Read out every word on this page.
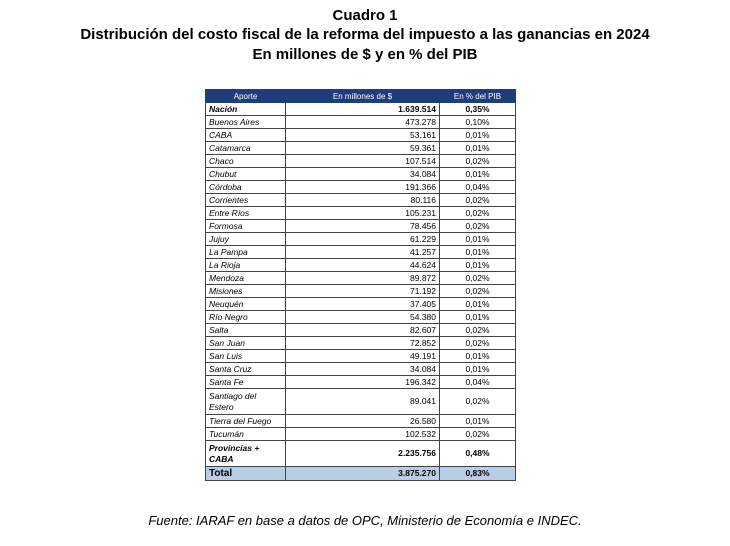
Cuadro 1
Distribución del costo fiscal de la reforma del impuesto a las ganancias en 2024
En millones de $ y en % del PIB
Aporte	En millones de $	En % del PIB
Nación	1.639.514	0,35%
Buenos Aires	473.278	0,10%
CABA	53.161	0,01%
Catamarca	59.361	0,01%
Chaco	107.514	0,02%
Chubut	34.084	0,01%
Córdoba	191.366	0,04%
Corrientes	80.116	0,02%
Entre Ríos	105.231	0,02%
Formosa	78.456	0,02%
Jujuy	61.229	0,01%
La Pampa	41.257	0,01%
La Rioja	44.624	0,01%
Mendoza	89.872	0,02%
Misiones	71.192	0,02%
Neuquén	37.405	0,01%
Río Negro	54.380	0,01%
Salta	82.607	0,02%
San Juan	72.852	0,02%
San Luis	49.191	0,01%
Santa Cruz	34.084	0,01%
Santa Fe	196.342	0,04%
Santiago del Estero	89.041	0,02%
Tierra del Fuego	26.580	0,01%
Tucumán	102.532	0,02%
Provincias + CABA	2.235.756	0,48%
Total	3.875.270	0,83%
Fuente: IARAF en base a datos de OPC, Ministerio de Economía e INDEC.
